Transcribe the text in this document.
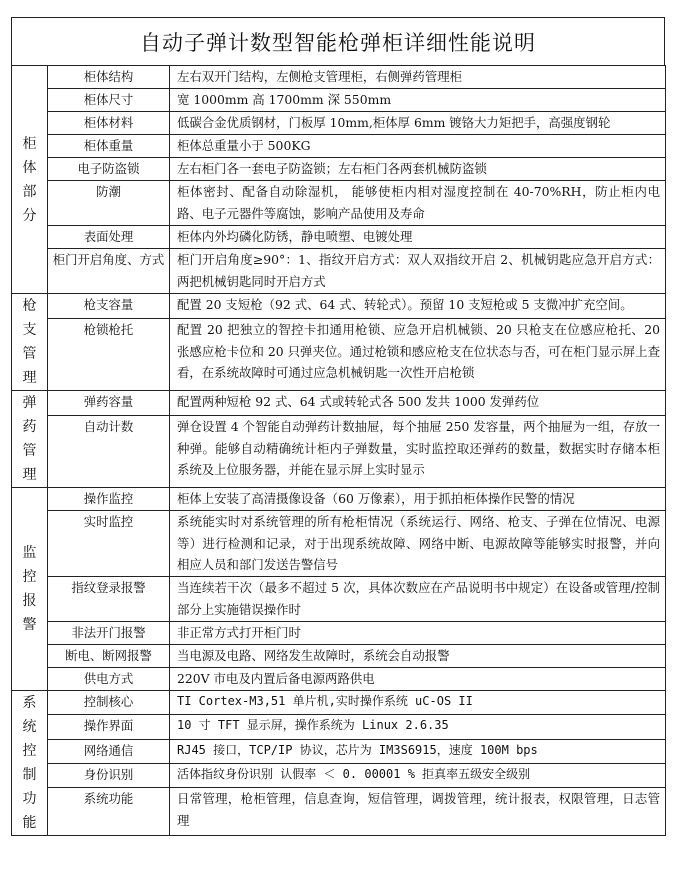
自动子弹计数型智能枪弹柜详细性能说明
柜体部分	柜体结构	左右双开门结构，左侧枪支管理柜，右侧弹药管理柜
	柜体尺寸	宽 1000mm 高 1700mm 深 550mm
	柜体材料	低碳合金优质钢材，门板厚 10mm,柜体厚 6mm 镀铬大力矩把手，高强度钢轮
	柜体重量	柜体总重量小于 500KG
	电子防盗锁	左右柜门各一套电子防盗锁；左右柜门各两套机械防盗锁
	防潮	柜体密封、配备自动除湿机， 能够使柜内相对湿度控制在 40-70%RH，防止柜内电路、电子元器件等腐蚀，影响产品使用及寿命
	表面处理	柜体内外均磷化防锈，静电喷塑、电镀处理
	柜门开启角度、方式	柜门开启角度≥90°：1、指纹开启方式：双人双指纹开启 2、机械钥匙应急开启方式：两把机械钥匙同时开启方式
枪支管理	枪支容量	配置 20 支短枪（92 式、64 式、转轮式）。预留 10 支短枪或 5 支微冲扩充空间。
	枪锁枪托	配置 20 把独立的智控卡扣通用枪锁、应急开启机械锁、20 只枪支在位感应枪托、20 张感应枪卡位和 20 只弹夹位。通过枪锁和感应枪支在位状态与否，可在柜门显示屏上查看，在系统故障时可通过应急机械钥匙一次性开启枪锁
弹药管理	弹药容量	配置两种短枪 92 式、64 式或转轮式各 500 发共 1000 发弹药位
	自动计数	弹仓设置 4 个智能自动弹药计数抽屉，每个抽屉 250 发容量，两个抽屉为一组，存放一种弹。能够自动精确统计柜内子弹数量，实时监控取还弹药的数量，数据实时存储本柜系统及上位服务器，并能在显示屏上实时显示
监控报警	操作监控	柜体上安装了高清摄像设备（60 万像素），用于抓拍柜体操作民警的情况
	实时监控	系统能实时对系统管理的所有枪柜情况（系统运行、网络、枪支、子弹在位情况、电源等）进行检测和记录，对于出现系统故障、网络中断、电源故障等能够实时报警，并向相应人员和部门发送告警信号
	指纹登录报警	当连续若干次（最多不超过 5 次，具体次数应在产品说明书中规定）在设备或管理/控制部分上实施错误操作时
	非法开门报警	非正常方式打开柜门时
	断电、断网报警	当电源及电路、网络发生故障时，系统会自动报警
	供电方式	220V 市电及内置后备电源两路供电
系统控制功能	控制核心	TI Cortex-M3,51 单片机,实时操作系统 uC-OS II
	操作界面	10 寸 TFT 显示屏，操作系统为 Linux 2.6.35
	网络通信	RJ45 接口，TCP/IP 协议，芯片为 IM3S6915，速度 100M bps
	身份识别	活体指纹身份识别 认假率 ＜ 0. 00001 % 拒真率五级安全级别
	系统功能	日常管理，枪柜管理，信息查询，短信管理，调拨管理，统计报表，权限管理，日志管理
